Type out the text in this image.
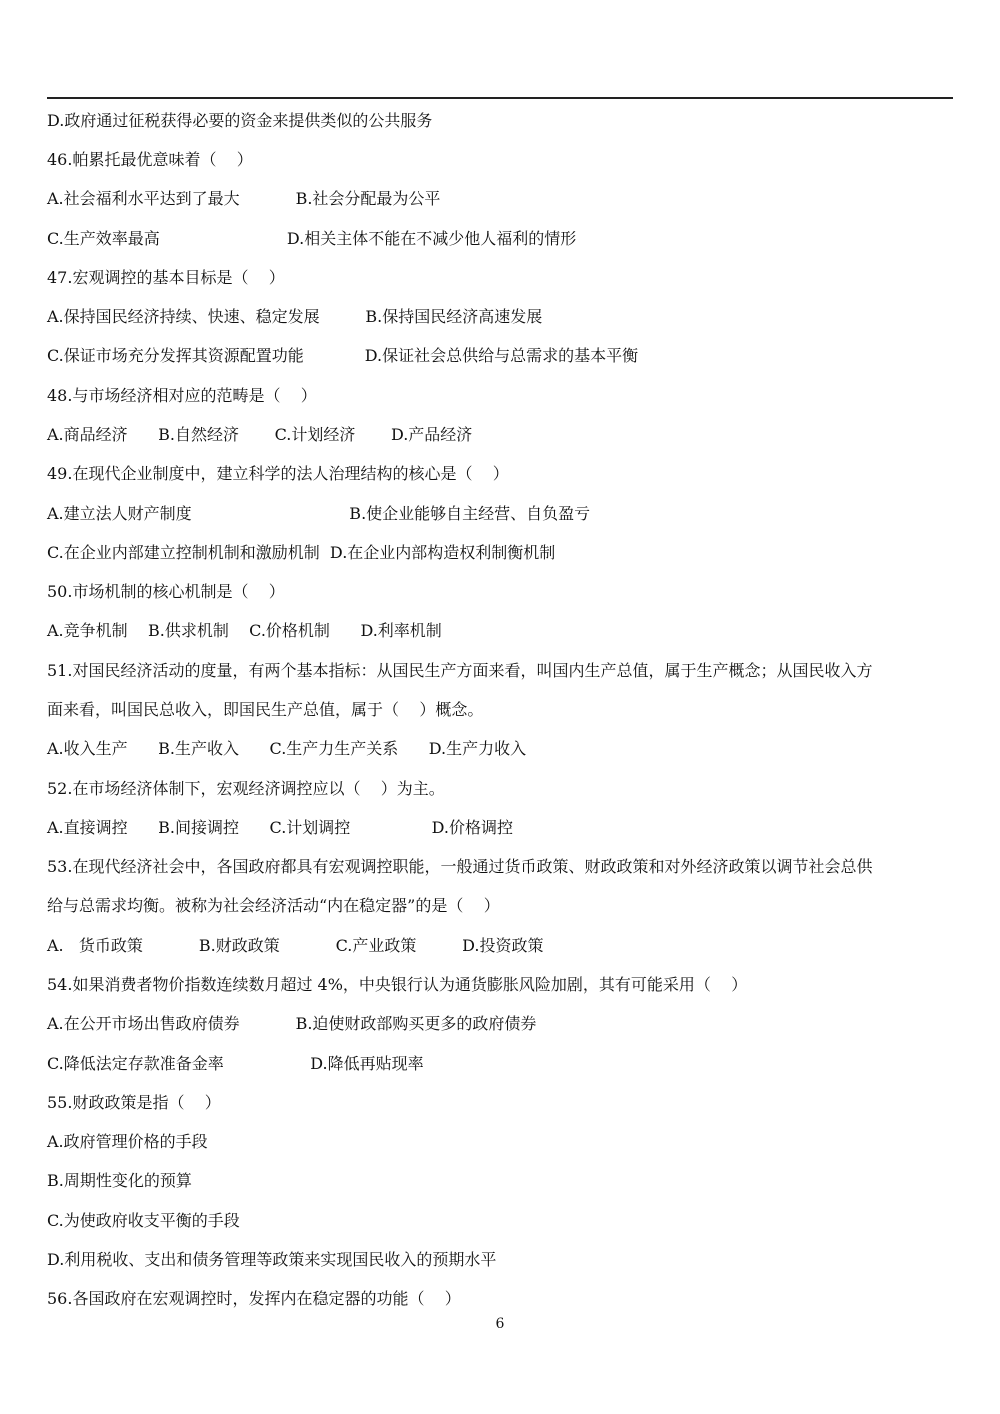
D.政府通过征税获得必要的资金来提供类似的公共服务
46.帕累托最优意味着（    ）
A.社会福利水平达到了最大           B.社会分配最为公平
C.生产效率最高                         D.相关主体不能在不减少他人福利的情形
47.宏观调控的基本目标是（    ）
A.保持国民经济持续、快速、稳定发展         B.保持国民经济高速发展
C.保证市场充分发挥其资源配置功能            D.保证社会总供给与总需求的基本平衡
48.与市场经济相对应的范畴是（    ）
A.商品经济      B.自然经济       C.计划经济       D.产品经济
49.在现代企业制度中，建立科学的法人治理结构的核心是（    ）
A.建立法人财产制度                               B.使企业能够自主经营、自负盈亏
C.在企业内部建立控制机制和激励机制  D.在企业内部构造权利制衡机制
50.市场机制的核心机制是（    ）
A.竞争机制    B.供求机制    C.价格机制      D.利率机制
51.对国民经济活动的度量，有两个基本指标：从国民生产方面来看，叫国内生产总值，属于生产概念；从国民收入方
面来看，叫国民总收入，即国民生产总值，属于（    ）概念。
A.收入生产      B.生产收入      C.生产力生产关系      D.生产力收入
52.在市场经济体制下，宏观经济调控应以（    ）为主。
A.直接调控      B.间接调控      C.计划调控                D.价格调控
53.在现代经济社会中，各国政府都具有宏观调控职能，一般通过货币政策、财政政策和对外经济政策以调节社会总供
给与总需求均衡。被称为社会经济活动“内在稳定器”的是（    ）
A.   货币政策           B.财政政策           C.产业政策         D.投资政策
54.如果消费者物价指数连续数月超过 4%，中央银行认为通货膨胀风险加剧，其有可能采用（    ）
A.在公开市场出售政府债券           B.迫使财政部购买更多的政府债券
C.降低法定存款准备金率                 D.降低再贴现率
55.财政政策是指（    ）
A.政府管理价格的手段
B.周期性变化的预算
C.为使政府收支平衡的手段
D.利用税收、支出和债务管理等政策来实现国民收入的预期水平
56.各国政府在宏观调控时，发挥内在稳定器的功能（    ）
6
